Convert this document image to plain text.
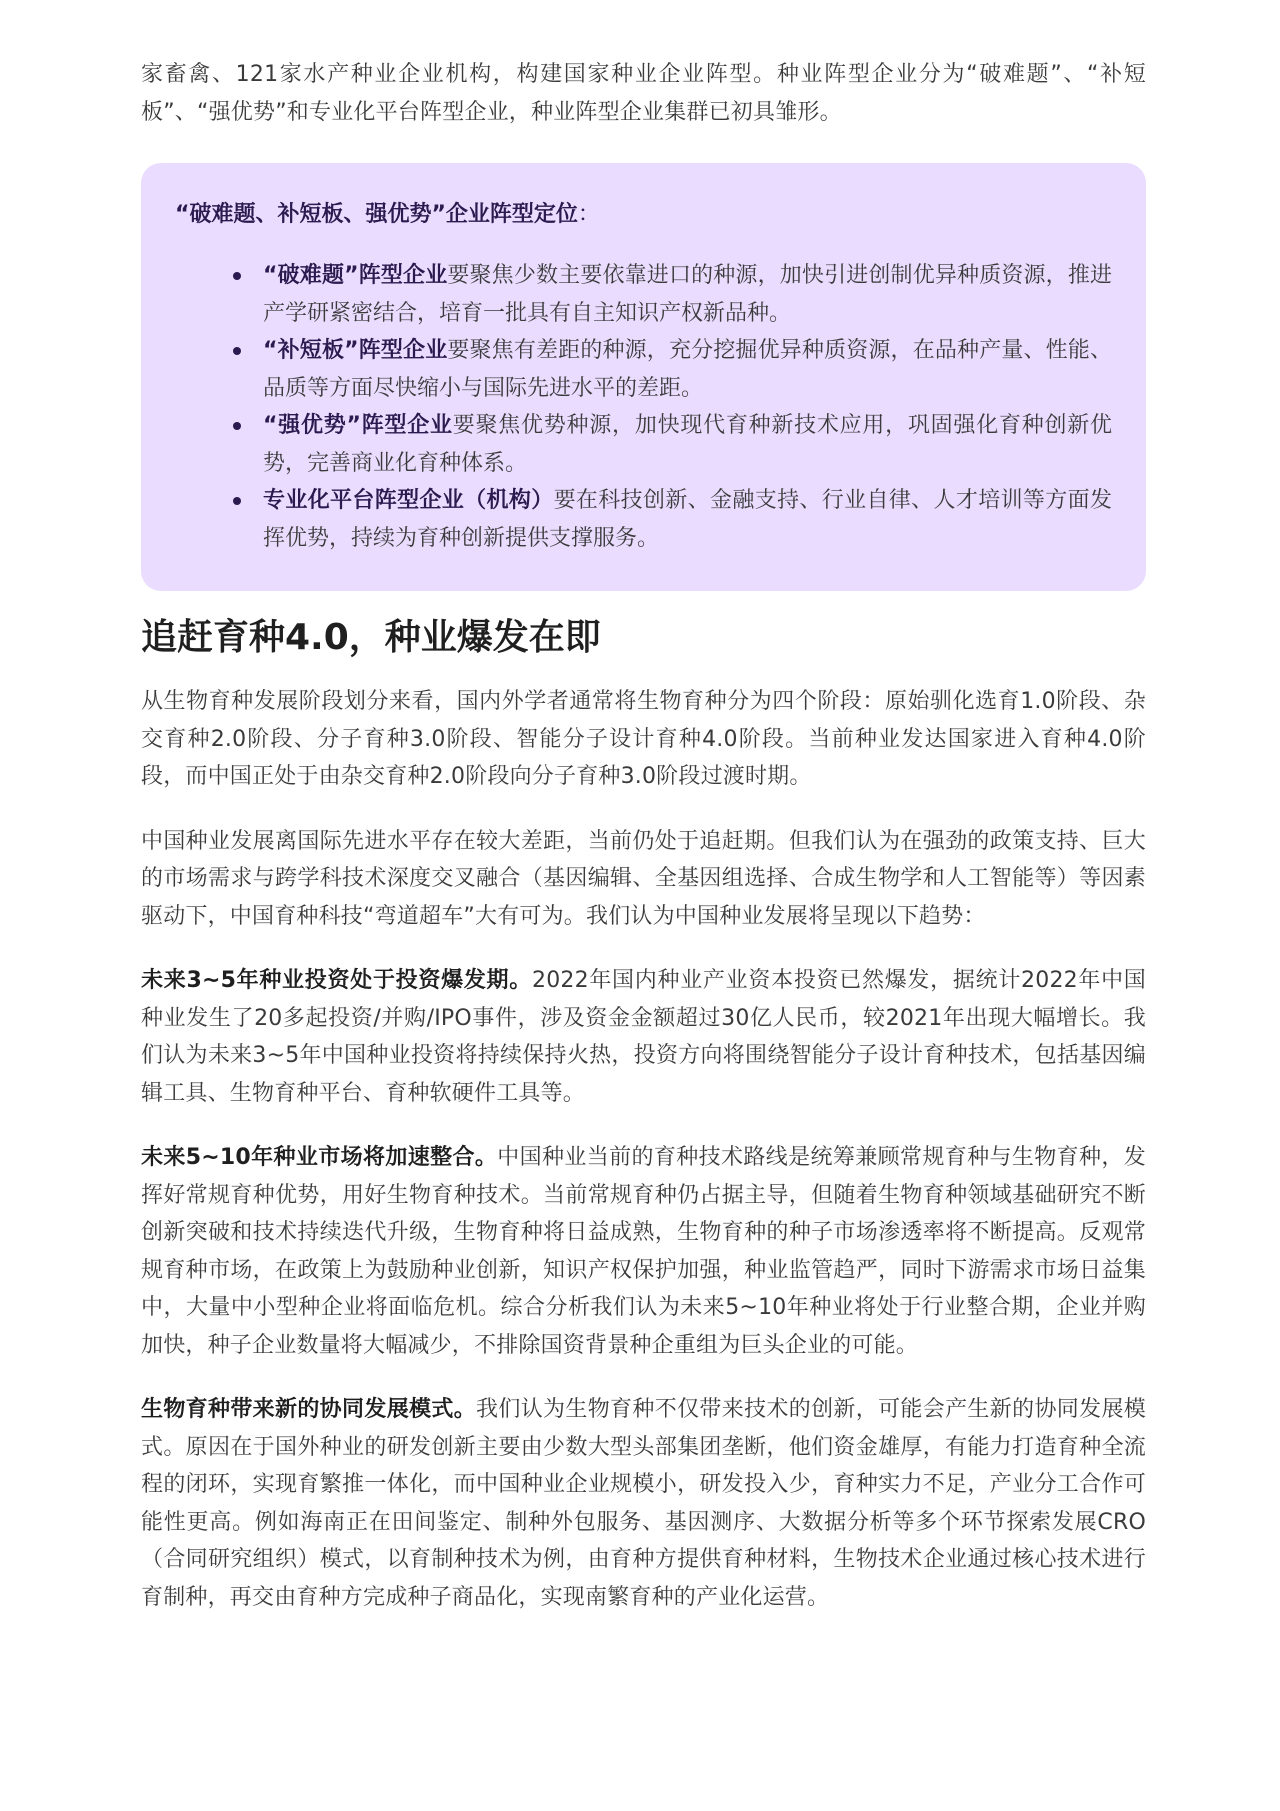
家畜禽、121家水产种业企业机构，构建国家种业企业阵型。种业阵型企业分为“破难题”、“补短板”、“强优势”和专业化平台阵型企业，种业阵型企业集群已初具雏形。

“破难题、补短板、强优势”企业阵型定位：

“破难题”阵型企业要聚焦少数主要依靠进口的种源，加快引进创制优异种质资源，推进产学研紧密结合，培育一批具有自主知识产权新品种。
“补短板”阵型企业要聚焦有差距的种源，充分挖掘优异种质资源，在品种产量、性能、品质等方面尽快缩小与国际先进水平的差距。
“强优势”阵型企业要聚焦优势种源，加快现代育种新技术应用，巩固强化育种创新优势，完善商业化育种体系。
专业化平台阵型企业（机构）要在科技创新、金融支持、行业自律、人才培训等方面发挥优势，持续为育种创新提供支撑服务。
追赶育种4.0，种业爆发在即

从生物育种发展阶段划分来看，国内外学者通常将生物育种分为四个阶段：原始驯化选育1.0阶段、杂交育种2.0阶段、分子育种3.0阶段、智能分子设计育种4.0阶段。当前种业发达国家进入育种4.0阶段，而中国正处于由杂交育种2.0阶段向分子育种3.0阶段过渡时期。

中国种业发展离国际先进水平存在较大差距，当前仍处于追赶期。但我们认为在强劲的政策支持、巨大的市场需求与跨学科技术深度交叉融合（基因编辑、全基因组选择、合成生物学和人工智能等）等因素驱动下，中国育种科技“弯道超车”大有可为。我们认为中国种业发展将呈现以下趋势：

未来3~5年种业投资处于投资爆发期。2022年国内种业产业资本投资已然爆发，据统计2022年中国种业发生了20多起投资/并购/IPO事件，涉及资金金额超过30亿人民币，较2021年出现大幅增长。我们认为未来3~5年中国种业投资将持续保持火热，投资方向将围绕智能分子设计育种技术，包括基因编辑工具、生物育种平台、育种软硬件工具等。

未来5~10年种业市场将加速整合。中国种业当前的育种技术路线是统筹兼顾常规育种与生物育种，发挥好常规育种优势，用好生物育种技术。当前常规育种仍占据主导，但随着生物育种领域基础研究不断创新突破和技术持续迭代升级，生物育种将日益成熟，生物育种的种子市场渗透率将不断提高。反观常规育种市场，在政策上为鼓励种业创新，知识产权保护加强，种业监管趋严，同时下游需求市场日益集中，大量中小型种企业将面临危机。综合分析我们认为未来5~10年种业将处于行业整合期，企业并购加快，种子企业数量将大幅减少，不排除国资背景种企重组为巨头企业的可能。

生物育种带来新的协同发展模式。我们认为生物育种不仅带来技术的创新，可能会产生新的协同发展模式。原因在于国外种业的研发创新主要由少数大型头部集团垄断，他们资金雄厚，有能力打造育种全流程的闭环，实现育繁推一体化，而中国种业企业规模小，研发投入少，育种实力不足，产业分工合作可能性更高。例如海南正在田间鉴定、制种外包服务、基因测序、大数据分析等多个环节探索发展CRO（合同研究组织）模式，以育制种技术为例，由育种方提供育种材料，生物技术企业通过核心技术进行育制种，再交由育种方完成种子商品化，实现南繁育种的产业化运营。
